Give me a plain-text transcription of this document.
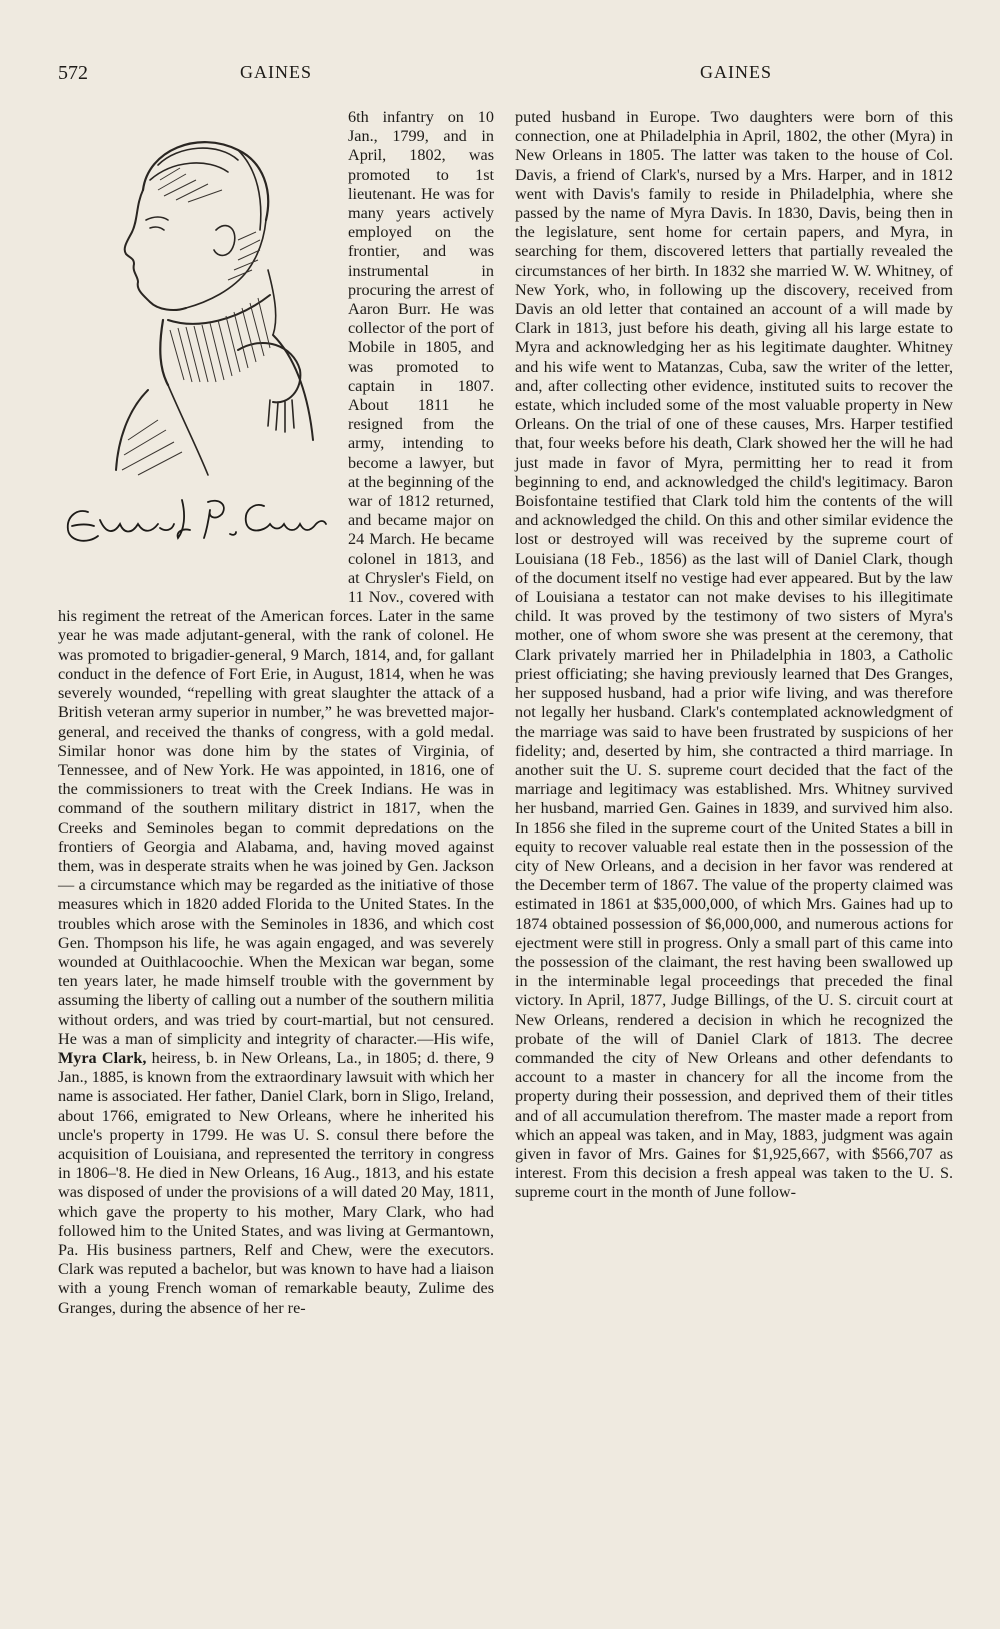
572	GAINES	GAINES

6th infantry on 10 Jan., 1799, and in April, 1802, was promoted to 1st lieutenant. He was for many years actively employed on the frontier, and was instrumental in procuring the arrest of Aaron Burr. He was collector of the port of Mobile in 1805, and was promoted to captain in 1807. About 1811 he resigned from the army, intending to become a lawyer, but at the beginning of the war of 1812 returned, and became major on 24 March. He became colonel in 1813, and at Chrysler's Field, on 11 Nov., covered with his regiment the retreat of the American forces. Later in the same year he was made adjutant-general, with the rank of colonel. He was promoted to brigadier-general, 9 March, 1814, and, for gallant conduct in the defence of Fort Erie, in August, 1814, when he was severely wounded, “repelling with great slaughter the attack of a British veteran army superior in number,” he was brevetted major-general, and received the thanks of congress, with a gold medal. Similar honor was done him by the states of Virginia, of Tennessee, and of New York. He was appointed, in 1816, one of the commissioners to treat with the Creek Indians. He was in command of the southern military district in 1817, when the Creeks and Seminoles began to commit depredations on the frontiers of Georgia and Alabama, and, having moved against them, was in desperate straits when he was joined by Gen. Jackson — a circumstance which may be regarded as the initiative of those measures which in 1820 added Florida to the United States. In the troubles which arose with the Seminoles in 1836, and which cost Gen. Thompson his life, he was again engaged, and was severely wounded at Ouithlacoochie. When the Mexican war began, some ten years later, he made himself trouble with the government by assuming the liberty of calling out a number of the southern militia without orders, and was tried by court-martial, but not censured. He was a man of simplicity and integrity of character.—His wife, Myra Clark, heiress, b. in New Orleans, La., in 1805; d. there, 9 Jan., 1885, is known from the extraordinary lawsuit with which her name is associated. Her father, Daniel Clark, born in Sligo, Ireland, about 1766, emigrated to New Orleans, where he inherited his uncle's property in 1799. He was U. S. consul there before the acquisition of Louisiana, and represented the territory in congress in 1806–'8. He died in New Orleans, 16 Aug., 1813, and his estate was disposed of under the provisions of a will dated 20 May, 1811, which gave the property to his mother, Mary Clark, who had followed him to the United States, and was living at Germantown, Pa. His business partners, Relf and Chew, were the executors. Clark was reputed a bachelor, but was known to have had a liaison with a young French woman of remarkable beauty, Zulime des Granges, during the absence of her re-

puted husband in Europe. Two daughters were born of this connection, one at Philadelphia in April, 1802, the other (Myra) in New Orleans in 1805. The latter was taken to the house of Col. Davis, a friend of Clark's, nursed by a Mrs. Harper, and in 1812 went with Davis's family to reside in Philadelphia, where she passed by the name of Myra Davis. In 1830, Davis, being then in the legislature, sent home for certain papers, and Myra, in searching for them, discovered letters that partially revealed the circumstances of her birth. In 1832 she married W. W. Whitney, of New York, who, in following up the discovery, received from Davis an old letter that contained an account of a will made by Clark in 1813, just before his death, giving all his large estate to Myra and acknowledging her as his legitimate daughter. Whitney and his wife went to Matanzas, Cuba, saw the writer of the letter, and, after collecting other evidence, instituted suits to recover the estate, which included some of the most valuable property in New Orleans. On the trial of one of these causes, Mrs. Harper testified that, four weeks before his death, Clark showed her the will he had just made in favor of Myra, permitting her to read it from beginning to end, and acknowledged the child's legitimacy. Baron Boisfontaine testified that Clark told him the contents of the will and acknowledged the child. On this and other similar evidence the lost or destroyed will was received by the supreme court of Louisiana (18 Feb., 1856) as the last will of Daniel Clark, though of the document itself no vestige had ever appeared. But by the law of Louisiana a testator can not make devises to his illegitimate child. It was proved by the testimony of two sisters of Myra's mother, one of whom swore she was present at the ceremony, that Clark privately married her in Philadelphia in 1803, a Catholic priest officiating; she having previously learned that Des Granges, her supposed husband, had a prior wife living, and was therefore not legally her husband. Clark's contemplated acknowledgment of the marriage was said to have been frustrated by suspicions of her fidelity; and, deserted by him, she contracted a third marriage. In another suit the U. S. supreme court decided that the fact of the marriage and legitimacy was established. Mrs. Whitney survived her husband, married Gen. Gaines in 1839, and survived him also. In 1856 she filed in the supreme court of the United States a bill in equity to recover valuable real estate then in the possession of the city of New Orleans, and a decision in her favor was rendered at the December term of 1867. The value of the property claimed was estimated in 1861 at $35,000,000, of which Mrs. Gaines had up to 1874 obtained possession of $6,000,000, and numerous actions for ejectment were still in progress. Only a small part of this came into the possession of the claimant, the rest having been swallowed up in the interminable legal proceedings that preceded the final victory. In April, 1877, Judge Billings, of the U. S. circuit court at New Orleans, rendered a decision in which he recognized the probate of the will of Daniel Clark of 1813. The decree commanded the city of New Orleans and other defendants to account to a master in chancery for all the income from the property during their possession, and deprived them of their titles and of all accumulation therefrom. The master made a report from which an appeal was taken, and in May, 1883, judgment was again given in favor of Mrs. Gaines for $1,925,667, with $566,707 as interest. From this decision a fresh appeal was taken to the U. S. supreme court in the month of June follow-
